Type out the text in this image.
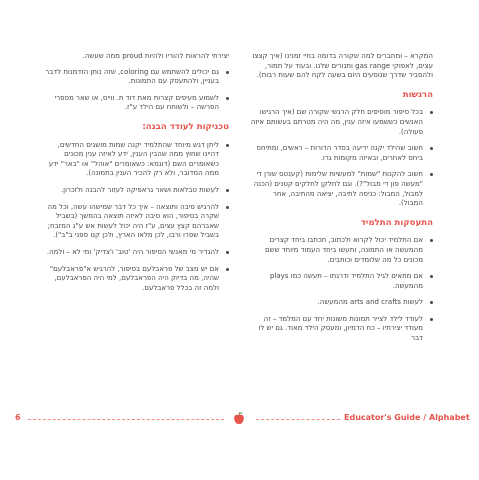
המקרא – ומחברים למה שקורה בדומה בחיי זמנינו (איך קצצו עצים, לאפוקי gas range ותנורים שלנו. ובעוד על תמור, ולהסביר שדרך שנוסעים היום בשעה לקח להם שעות רבות).

הרגשות
בכל סיפור מוסיפים חלק הרגשי שקורה שם (איך הרגישו האנשים כששמעו איזה ענין, מה היה מטרתם בעשותם איזה פעולה).
חשוב שהילד יקנה ידיעה בסדר הדורות – ראשים, ומתיחס ביחס לאחרים, ובאיזה מקומות גרו.
חשוב להקנות "שמות" למעשיות שלימות (קענטס שורן די "מעשה פון די מבול"?). וגם לחלקן לחלקים קטנים (הכנה למבול, המבול: כניסה לתיבה, יציאה מהתיבה, אחר המבול).
התעסקות התלמיד
אם התלמיד יכול לקרוא ולכתוב, תכתבו ביחד קצרים מהמעשה או התמונה, ותעשו ביחד העמוד מיוחד ששם מכונים כל מה שלומדים וכותבים.
אם מתאים לגיל התלמיד ודרגתו – תעשה כמו plays מהמעשה.
לעשות arts and crafts מהמעשה.
לעודד לילד לצייר תמונות משונות יחד עם המלמד – זה מעודד יצירתיו – כח הדמיון, ומעסק הילד מאוד. גם יש לו דבר

יצירתי להראות להוריו ולהיות proud ממה שעשה.

גם יכולים להשתמש עם coloring, שזה נותן הזדמנות לדבר בעניין, ולהתעסק עם התמונות.
לשמוע מעיפים קצרות מאת דוד ת. ווייס, או שאר מספרי הפרשה – ולשוחח עם הילד ע"ז.
טכניקות לעודד הבנה:
ליתן דגש מיוחד שהתלמיד יקנה שמות מושגים החדשים, דהיינו שחוץ ממה שהבין הענין, ידע לאיזה ענין מכונים כשאומרים השם (דוגמא: כשאומרים "אוהל" או "באר" ידע ממה המדובר, ולא רק להכיר הענין בתמונה).
לעשות טבלאות ושאר גראפיקה לעזור להבנה ולזכרון.
להרגיש סיבה ותוצאה – איך כל דבר שמישהו עשה, וכל מה שקרה בסיפור, הוא סיבה לאיזה תוצאה בהמשך (בשביל שאברהם קצץ עצים, ע"ז היה יכול לעשות אש ע"ג המזבח; בשביל שפרו ורבו, לכן מלאו הארץ, ולכן קנו ספני ב"ב").
להגדיר מי מאנשי הסיפור היה 'טוב' ו'צדיק' ומי לא – ולמה.
אם יש מצב של פראבלעם בסיפור, להרגיש א"פראבלעם" שהיה, מה בדיוק היה הפראבלעם, למי היה הפראבלעם, ולמה זה בכלל פראבלעם.
6	Educator's Guide / Alphabet
